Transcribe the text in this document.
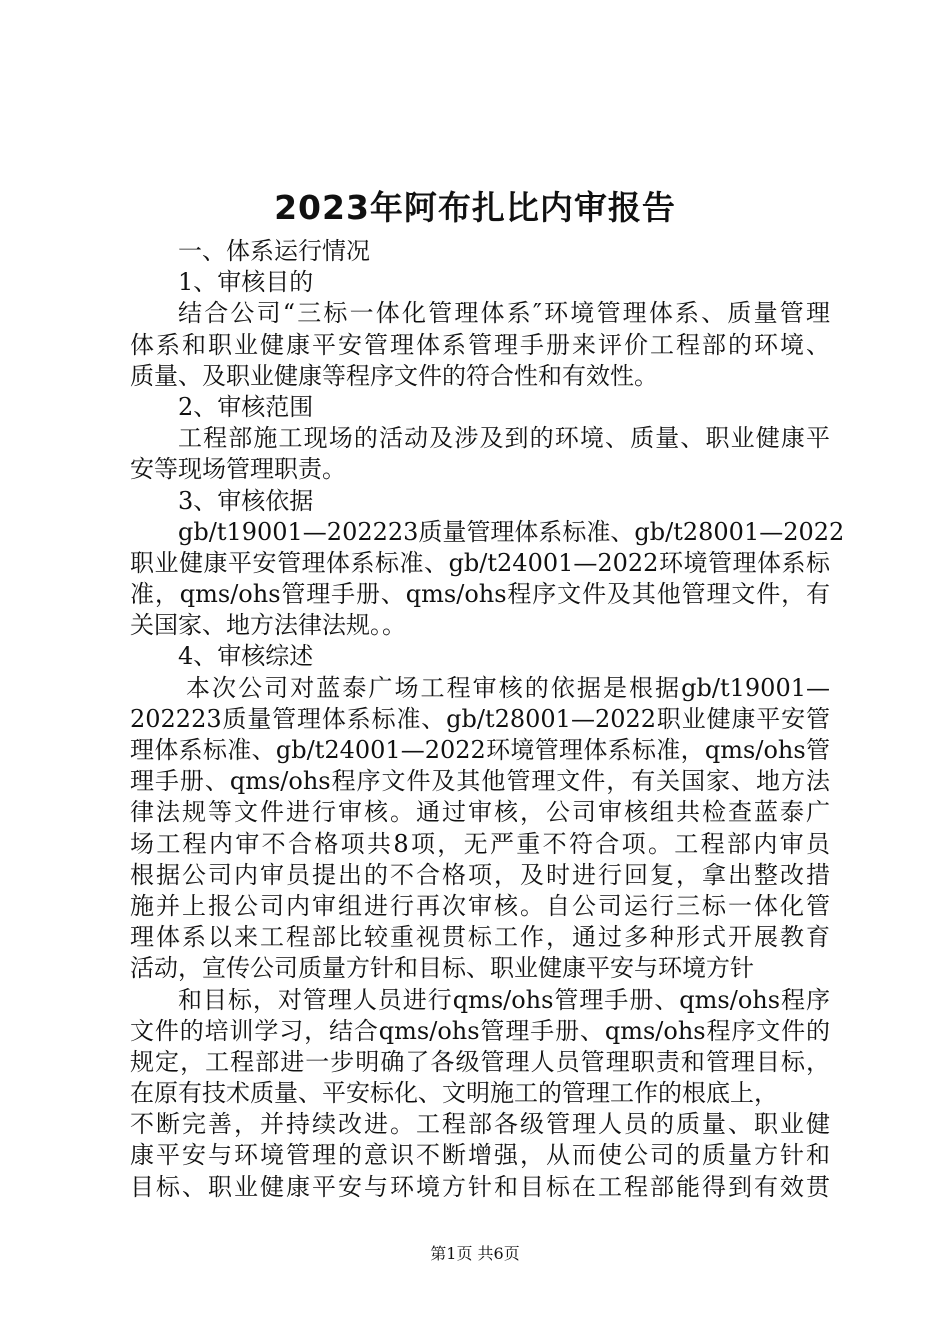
2023年阿布扎比内审报告
一、体系运行情况
1、审核目的
结合公司“三标一体化管理体系″环境管理体系、质量管理
体系和职业健康平安管理体系管理手册来评价工程部的环境、
质量、及职业健康等程序文件的符合性和有效性。
2、审核范围
工程部施工现场的活动及涉及到的环境、质量、职业健康平
安等现场管理职责。
3、审核依据
gb/t19001—202223质量管理体系标准、gb/t28001—2022
职业健康平安管理体系标准、gb/t24001—2022环境管理体系标
准，qms/ohs管理手册、qms/ohs程序文件及其他管理文件，有
关国家、地方法律法规。。
4、审核综述
本次公司对蓝泰广场工程审核的依据是根据gb/t19001—
202223质量管理体系标准、gb/t28001—2022职业健康平安管
理体系标准、gb/t24001—2022环境管理体系标准，qms/ohs管
理手册、qms/ohs程序文件及其他管理文件，有关国家、地方法
律法规等文件进行审核。通过审核，公司审核组共检查蓝泰广
场工程内审不合格项共8项，无严重不符合项。工程部内审员
根据公司内审员提出的不合格项，及时进行回复，拿出整改措
施并上报公司内审组进行再次审核。自公司运行三标一体化管
理体系以来工程部比较重视贯标工作，通过多种形式开展教育
活动，宣传公司质量方针和目标、职业健康平安与环境方针
和目标，对管理人员进行qms/ohs管理手册、qms/ohs程序
文件的培训学习，结合qms/ohs管理手册、qms/ohs程序文件的
规定，工程部进一步明确了各级管理人员管理职责和管理目标，
在原有技术质量、平安标化、文明施工的管理工作的根底上，
不断完善，并持续改进。工程部各级管理人员的质量、职业健
康平安与环境管理的意识不断增强，从而使公司的质量方针和
目标、职业健康平安与环境方针和目标在工程部能得到有效贯
第1页 共6页
